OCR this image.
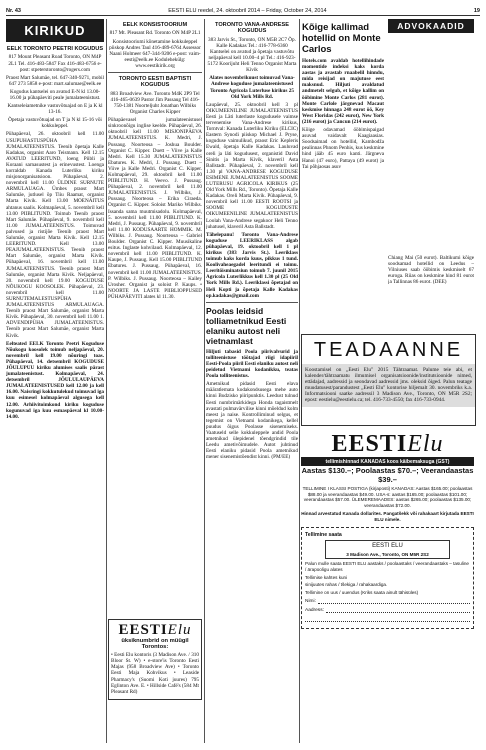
Nr. 43	EESTI ELU reedel, 24. oktoobril 2014 – Friday, October 24, 2014	19
KIRIKUD
EELK TORONTO PEETRI KOGUDUS

817 Mount Pleasant Road Toronto, ON M4P 2L1 Tel. 416-483-5847 Fax 416-483-6756 e-post: stpeterstoronto@rogers.com

Praost Mart Salumäe, tel. 647-340-9271, mobil 647 273 5858 e-post: mart.salumae@eelk.ee

Kogudus kantselei on avatud E-N kl 13.00-16.00 ja pühapäeviti peale jumalateenistust.

Kantseleiametnike vastuvõtuajad on E ja K kl 13-16.

Õpetaja vastuvõtuajad on T ja N kl 15-16 või kokkuleppel.

Pühapäeval, 26. oktoobril kell 11.00 USUPUHASTUSPÜHA JUMALATEENISTUS. Teenib õpetaja Kalle Kadakas, organist Aaro Teismann. Kell 12.15 AVATUD LEERITUND, loeng Piibli ja Koraani sarnasustest ja erinevustest. Loenga korraldab Kanada Luterliku kiriku misjonorganisatsioon. Pühapäeval, 2. novembril kell 11.00 ÜLDINE SURNUTE ARMULAUAGA. Ümbes praost Mart Salumäe, jutlusel õp Tiiu Raamat, organist Marta Kivik. Kell 13.00 MOENÄITUS ahtanus saalis. Kolmapäeval, 5. novembril kell 13.00 PIIBLITUND. Toimub Teenib praost Mart Salumäe. Pühapäeval, 9. novembril kell 11.00 JUMALATEENISTUS. Toimuvad palvused ja ristijõe Teenib praost Mart Salumäe, organist Marta Kivik. Kell 12.15 LEERITUND. Kell 13.00 PEAJUMALATEENISTUS. Teenib praost Mart Salumäe, organist Marta Kivik. Pühapäeval, 16. novembril kell 11.00 JUMALATEENISTUS. Teenib praost Mart Salumäe, organist Marta Kivik. Neljapäeval, 20. novembril kell 19.00 KOGUDUSE NÕUKOGU KOOSOLEK. Pühapäeval, 23. novembril kell 11.00 SURNUTEMALESTUSPÜHA JUMALATEENISTUS ARMULAUAGA. Teenib praost Mart Salumäe, organist Marta Kivik. Pühapäeval, 30. novembril kell 11.00 1. ADVENDIPÜHA JUMALATEENISTUS. Teenib praost Mart Salumäe, organist Marta Kivik.

Eelteated EELK Toronto Peetri Koguduse Nõukogu koosolek toimub neljapäeval, 20. novembril kell 19.00 nõuringi toas. Pühapäeval, 14. detsembril KOGUDUSE JÕULUPUU kiriku alumises saalis pärast jumalateenistust. Kolmapäeval, 24. detsembril JÕULULAUPÄEVA JUMALATEENISTUSED kell 12.00 ja kell 16.00. Naisringi kokkutulekud toimuvad iga kuu esimesel kolmapäeval algusega kell 12.00. Arhiivitoimkond kiriku koguduse kogunuvad iga kuu esmaspäeval kl 10.00-14.00.

EELK KONSISTOORIUM

817 Mt. Pleasant Rd. Toronto ON M4P 2L1

Konsistooriumi kõnetamine kokkuleppel piiskop Andres Taul 416-489-6764 Assessor Naani Holmeer 647-344-9206 e-post: vaim-eesti@eelk.ee Kodulehekülg: www.eestikirik.org

TORONTO EESTI BAPTISTI KOGUDUS

883 Broadview Ave. Toronto M4K 2P9 Tel 416-465-0639 Pastor Jim Passaug Tel 416-750-1381 Noorteljuht Jonathan Wilbiks Organist Charles Kipper

Pühapäevasel jumalateenistusel sinkroonõigu inglise keelde. Pühapäeval, 26. oktoobril kell 11.00 MISJONIPÄEVA JUMALATEENISTUS. K. Medri, J. Pussaug. Noorteosa – Joshua Boulder. Organist C. Kipper. Duett – Viive ja Kalle Medri. Kell 15.30 JUMALATEENISTUS Ebatures. K. Medri, J. Pussaug. Duett – Viive ja Kalle Medri. Organist C. Kipper. Kolmapäeval, 29. oktoobril kell 11.00 PIIBLITUND. H. Veevo. J. Pussaug. Pühapäeval, 2. novembril kell 11.00 JUMALATEENISTUS. J. Wilbiks, J. Pussaug. Noorteosa – Erika Ciraeda. Organist C. Kipper. Soloist Mariko Wilbiks. Issanda sama muutmisadolu. Kolmapäeval, 5. novembril kell 11.00 PIIBLITUND. K. Medri, J. Pussaug. Pühapäeval, 9. novembril kell 11.00 KODUSAARTE HOMMIK. M. Wilbiks. J. Pussaug. Noorteosa – Gabriel Boulder. Organist C. Kipper. Muusikaline esitus. Inglaste kohvilaud. Kolmapäeval, 12. novembril kell 11.00 PIIBLITUND. K. Kaupe, J. Pussaug. Kell 15.00 PIIBLITUND Ebatures. J. Pussaug. Pühapäeval, 16. novembril kell 11.00 JUMALATEENISTUS. P. Wilbiks. J. Pussaug. Noorteosa – Kailey Urosher. Organist ja soloist P. Kaups. • NOORTE JA LASTE PIIBLIOPPUSED PÜHAPÄEVITI alates kl 11.30.

EESTIElu

üksiknumbrid on müügil Torontos:

• Eesti Elu kontoris (3 Madison Ave. / 310 Bloor St. W) • e-store'is Toronto Eesti Majas (958 Broadview Ave) • Toronto Eesti Maja Kohvikus • Leaside Pharmacy's (Suomi Koti juures) 795 Eglinton Ave. E. • Hillside Café's (584 Mt Pleasant Rd)

TORONTO VANA-ANDRESE KOGUDUS

383 Jarvis St., Toronto, ON M5B 2C7 Õp. Kalle Kadakas Tel.: 416-778-6360 Kantselei on avatud ja õpetaja vastuvõtu neljapäeval kell 10.00–4 pl Tel.: 416-923-5172 Koorijuht Heli Tenno Organist Marta Kivik

Alates novembrikuust toimuvad Vana-Andrese koguduse jumalateenistused Toronto Agricola Luterluse kirikus 25 Old York Mills Rd.

Laupäeval, 25. oktoobril kell 3 pl OIKUMEENILINE JUMALATEENISTUS Eesti ja Läti luterlaste kogudusele vaimse tervenemise Vana-Andrese kirikus, Torntval: Kanada Luterliku Kiriku (ELCIC) Eastern Synodi piiskop Michael J. Pryse, koguduse vaimulikud, praost Eric Kepleris Ewald, õpetaja Kalle Kadakas. Lauluvad oreli ja läti kogudusest, organistid David Sinitis ja Marta Kivik, klaveril Asta Ballstadt. Pühapäeval, 2. novembril kell 1.30 pl VANA-ANDRESE KOGUDUSE ESIMENE JUMALATEENISTUS SOOME LUTERUSU AGRICOLA KIRIKUS (25 Old York Mills Rd., Toronto). Õpetaja Kalle Kadakas. Oreli Marta Kivik. Pühapäeval, 9. novembril kell 11.00 EESTI ROOTSI ja SOOME KOGUDUSTE OIKUMEENILINE JUMALATEENISTUS Loolah Vana-Andrese segakoor Heli Tenno juhatusel, klaveril Asta Ballstadt.

Tähelepanu! Toronto Vana-Andrese koguduse LEERIKLASS algab pühapäeval, 19. oktoobril kell 1 pl kirikus (383 Jarvis St.). Leeriklass toimub kaks korda kuus, pikkus 1 tund. Koolivaheaegadel leeritundi ei toimu. Leeritöisminatsiun toimub 7. juunil 2015 Agricola Luterlikkus kell 1.30 pl (25 Old York Mills Rd.). Leeriklassi õpetajad on Heli Kopti ja õpetaja Kalle Kadakas op.kadakas@gmail.com

Poolas leidsid tolliametnikud Eesti elaniku autost neli vietnamlast

Hiljuti tabasid Poola piirivalvurid ja tolliteenistuse töötajad riigi idapiiril Eesti-Poola piiril Eesti elaniku autost neli peidetud Vietnami kodanikku, teatas Poola tolliteenistus.

Ametnikud pidasid Eesti elava määratlemata kodakondsusega mehe auto kinni Budzisko piiripunktis. Leedust tulnud Eesti numbrimärkidega Honda tagaistmelt avastati pulmavärvilise kinni mõeldud kolm meest ja naise. Kontrolliminud selgus, et tegemist on Vietnami kodanikega, kellel puudus õigus Poolasse sisenemiseks. Vaatuseld selle kokkuleppele andid Poola ametnikud ülepidenel tõendgrindid tile Leedu ametivõimudele. Autot juhtinud Eesti elaniku pidasid Poola ametnikud mener sisenemistõendist kinni. (PM/EE)

Kõige kallimad hotellid on Monte Carlos

Hotels.com avaldab hotellihindade momentide indeksi kaks korda aastas ja avastab rnaabelil hinndu, mida reisijad on majutuse eest maksnud. Hiljuti avaldatud andmetelt selgub, et kõige kallim on ööbimine Monte Carlos (281 eurot). Monte Carlole järgnevad Macaut keskmise hinnaga 248 eurot öö, Key West Floridas (242 eurot), New York (216 eurot) ja Cancun (214 eurot).

Kõige odavamad ööbimispaigad asuvad vaidavalt Kaagiaasias. Soodsaimad on hotellid, Kambodža pealinnas Phnom Penhis, kus keskmine hind jääb 45 euro kanti. Järgneva Hanoi (47 euro), Pattaya (49 eurot) ja Tai põhjaosas asuv

ADVOKAADID

Chiang Mai (50 eurot). Baltikumi kõige soodsamad hotellid on Leedus – Vilniuses saab ööbimis keskmiselt 67 euroga. Riias on keskmine hind 81 eurot ja Tallinnas 86 eurot. (DEE)

TEADAANNE
Koostamisel on „Eesti Elu" 2015 Tähtraamat. Palume teie abi, et kalender/tähtraamatu ilmumisel organisatsioonide/institutsioonide nimed, ettädajad, aadressid ja seondavad aadressid jms. oleksid õiged. Palun teatage muudatusest/parandustest „Eesti Elu" kontorise hiljemalt 30. novembriks k.a. Informatsiooni saatke aadressil 3 Madison Ave., Toronto, ON M5R 2S2; epost: eestielu@eestielu.ca; tel. 416-733-4550; fax 416-733-0944.
EESTIElu
tellimishinnad KANADAS koos käibemaksuga (GST)
Aastas $130.–; Poolaastas $70.–; Veerandaastas $39.–
TELLIMINE I KLASSI POSTIGA (kirjaposti) KANADAS: Aastas $165.00; poolaastas $88.00 ja veerandaastas $49.00. USA-s: aastas $165.00; poolaastas $101.00; veerandaastas $57.00. ÜLEMEREMAADES: aastas $265.00; poolaastas $135.00; veerandaastas $72.00.
Hinnad arvestatud Kanada dollarites. Pangatšekk või rahakaart kirjutada EESTI ELU nimele.
Tellimine saata
EESTI ELU
3 Madison Ave., Toronto, ON M5R 2S2
Palun mulle saata EESTI ELU aastaks / poolaastaks / veerandaastaks – tasuline / ärapooligu alates
Tellimise kahtes kuni
sinijuutes rahas / tšekiga / rahakaardiga.
Tellimine on uus / uuendus (Kriks saata ainult tähisüles)
Nimi:
Aadress:
